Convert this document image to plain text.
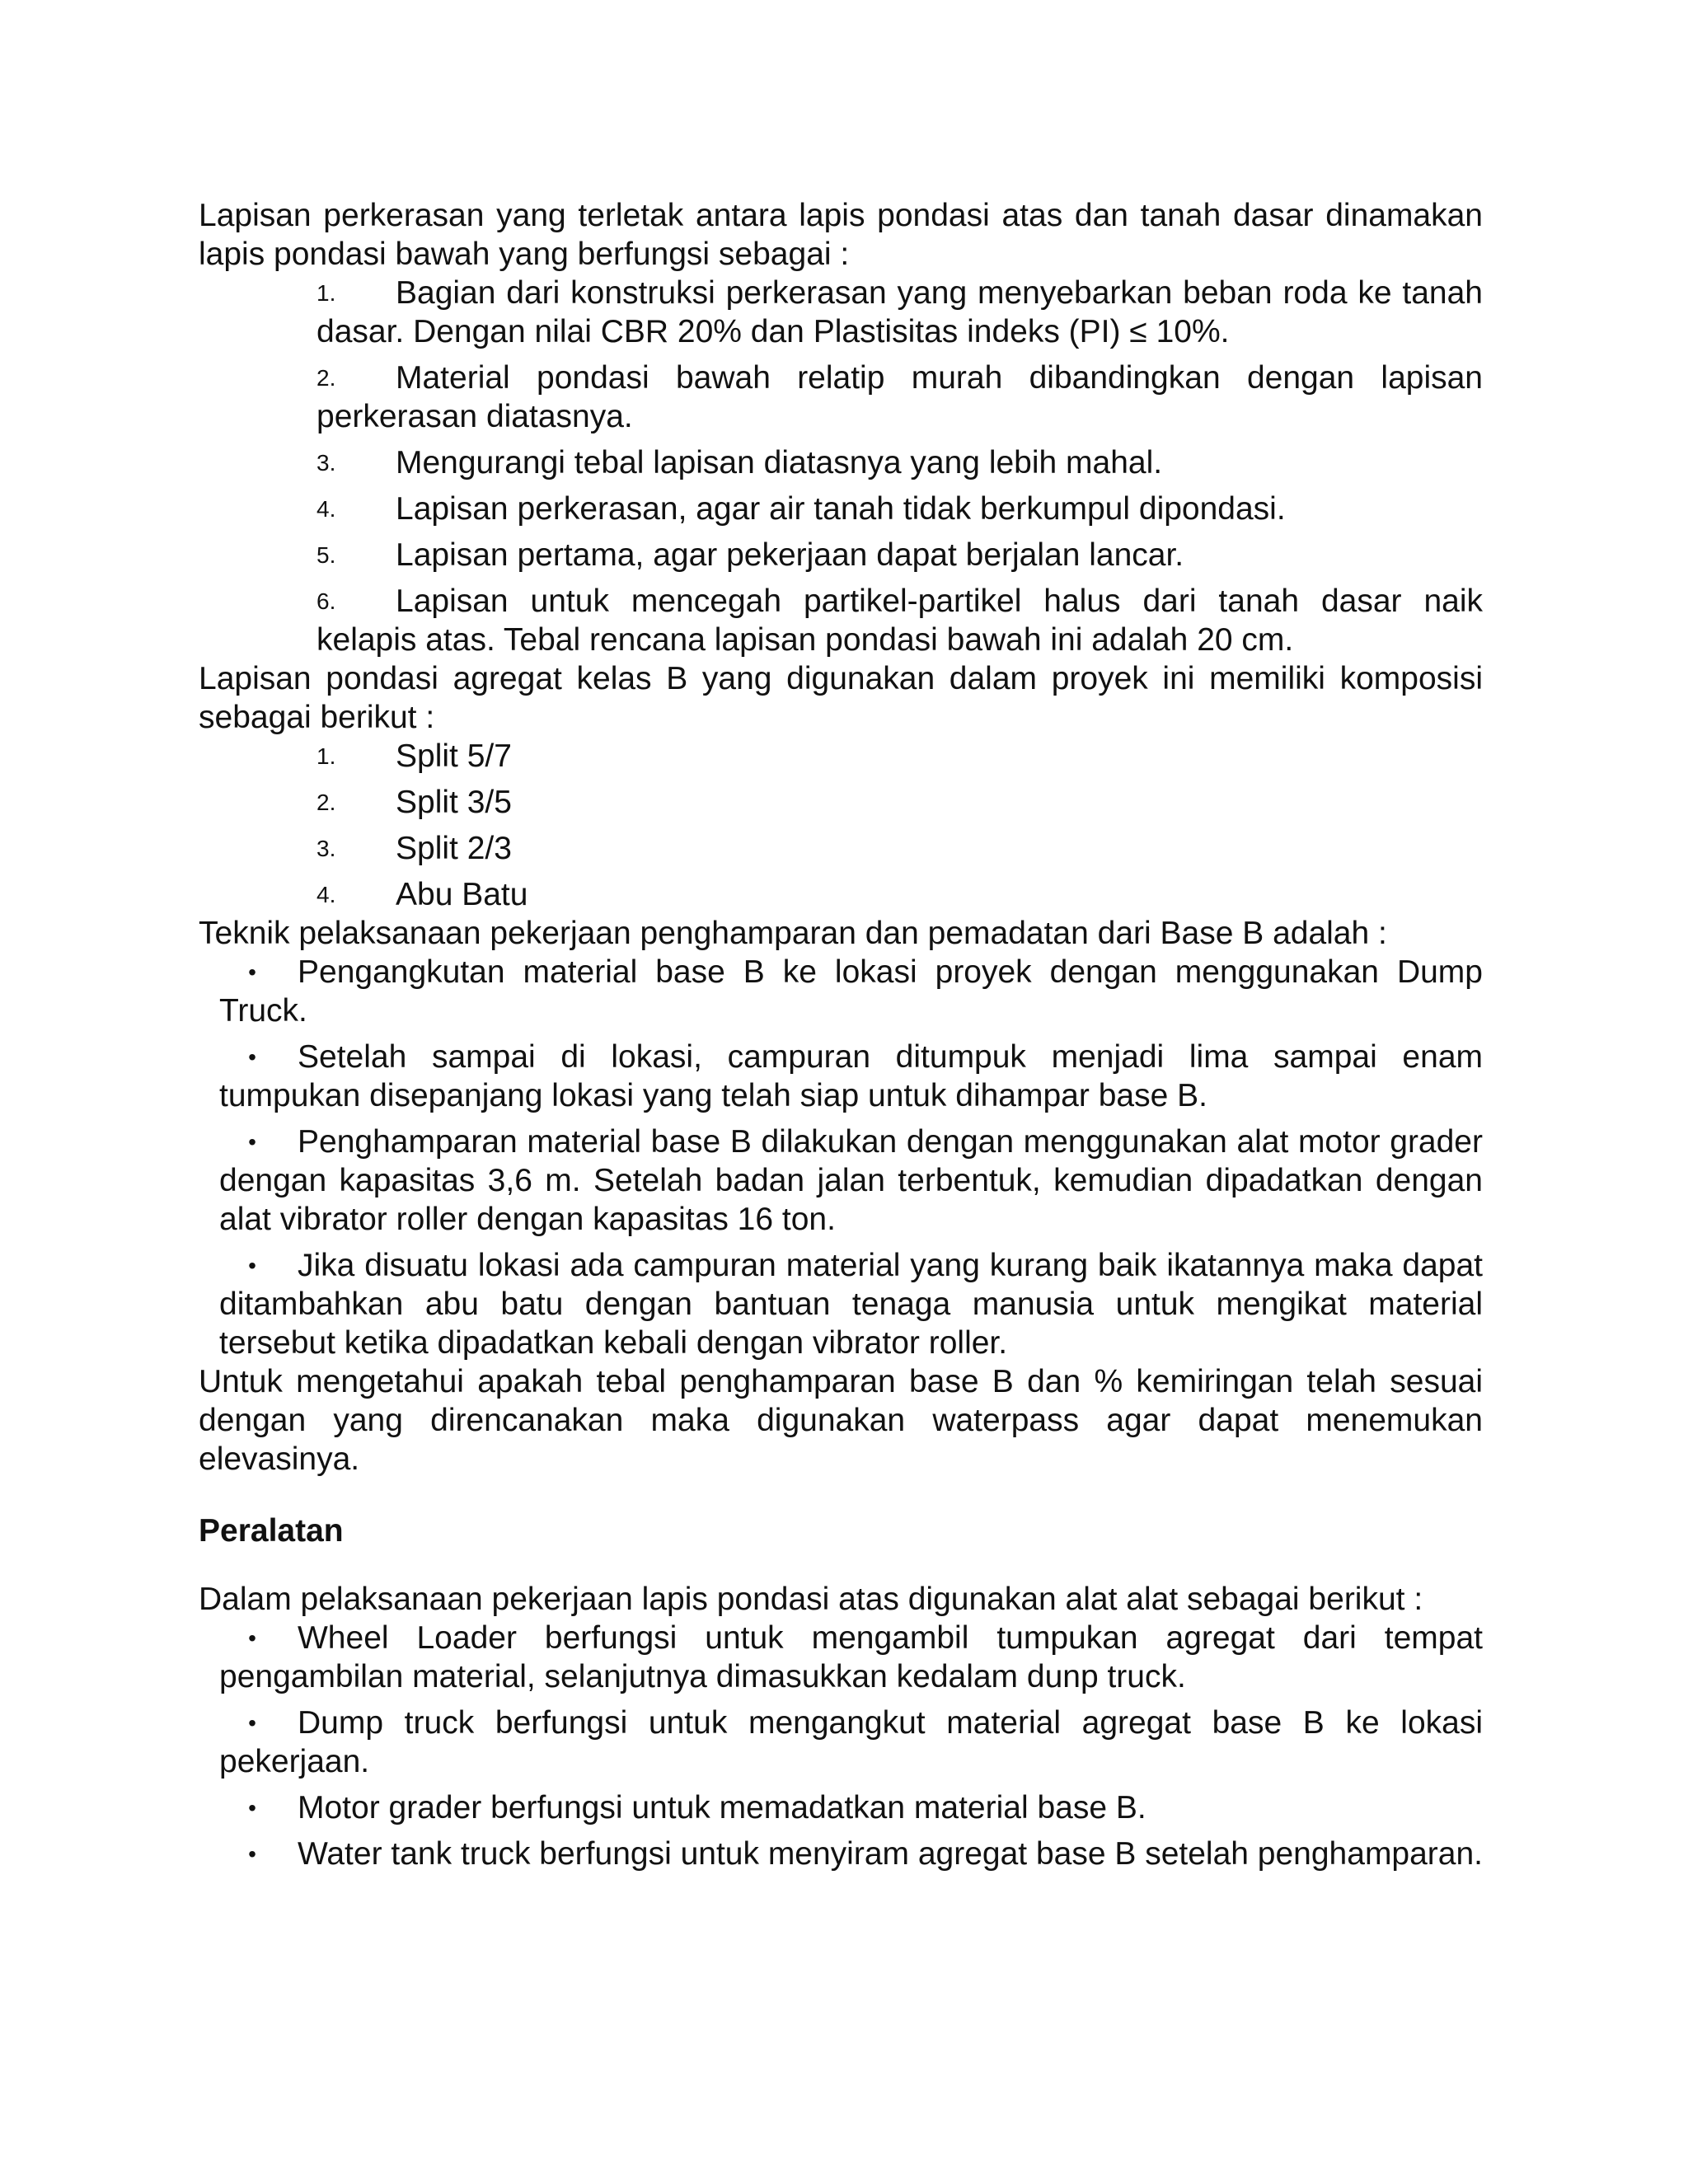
Lapisan perkerasan yang terletak antara lapis pondasi atas dan tanah dasar dinamakan lapis pondasi bawah yang berfungsi sebagai :

1. Bagian dari konstruksi perkerasan yang menyebarkan beban roda ke tanah dasar. Dengan nilai CBR 20% dan Plastisitas indeks (PI) ≤ 10%.
2. Material pondasi bawah relatip murah dibandingkan dengan lapisan perkerasan diatasnya.
3. Mengurangi tebal lapisan diatasnya yang lebih mahal.
4. Lapisan perkerasan, agar air tanah tidak berkumpul dipondasi.
5. Lapisan pertama, agar pekerjaan dapat berjalan lancar.
6. Lapisan untuk mencegah partikel-partikel halus dari tanah dasar naik kelapis atas. Tebal rencana lapisan pondasi bawah ini adalah 20 cm.

Lapisan pondasi agregat kelas B yang digunakan dalam proyek ini memiliki komposisi sebagai berikut :

1. Split 5/7
2. Split 3/5
3. Split 2/3
4. Abu Batu

Teknik pelaksanaan pekerjaan penghamparan dan pemadatan dari Base B adalah :

•	Pengangkutan material base B ke lokasi proyek dengan menggunakan Dump Truck.
•	Setelah sampai di lokasi, campuran ditumpuk menjadi lima sampai enam tumpukan disepanjang lokasi yang telah siap untuk dihampar base B.
•	Penghamparan material base B dilakukan dengan menggunakan alat motor grader dengan kapasitas 3,6 m. Setelah badan jalan terbentuk, kemudian dipadatkan dengan alat vibrator roller dengan kapasitas 16 ton.
•	Jika disuatu lokasi ada campuran material yang kurang baik ikatannya maka dapat ditambahkan abu batu dengan bantuan tenaga manusia untuk mengikat material tersebut ketika dipadatkan kebali dengan vibrator roller.

Untuk mengetahui apakah tebal penghamparan base B dan % kemiringan telah sesuai dengan yang direncanakan maka digunakan waterpass agar dapat menemukan elevasinya.

Peralatan

Dalam pelaksanaan pekerjaan lapis pondasi atas digunakan alat alat sebagai berikut :

•	Wheel Loader berfungsi untuk mengambil tumpukan agregat dari tempat pengambilan material, selanjutnya dimasukkan kedalam dunp truck.
•	Dump truck berfungsi untuk mengangkut material agregat base B ke lokasi pekerjaan.
•	Motor grader berfungsi untuk memadatkan material base B.
•	Water tank truck berfungsi untuk menyiram agregat base B setelah penghamparan.
